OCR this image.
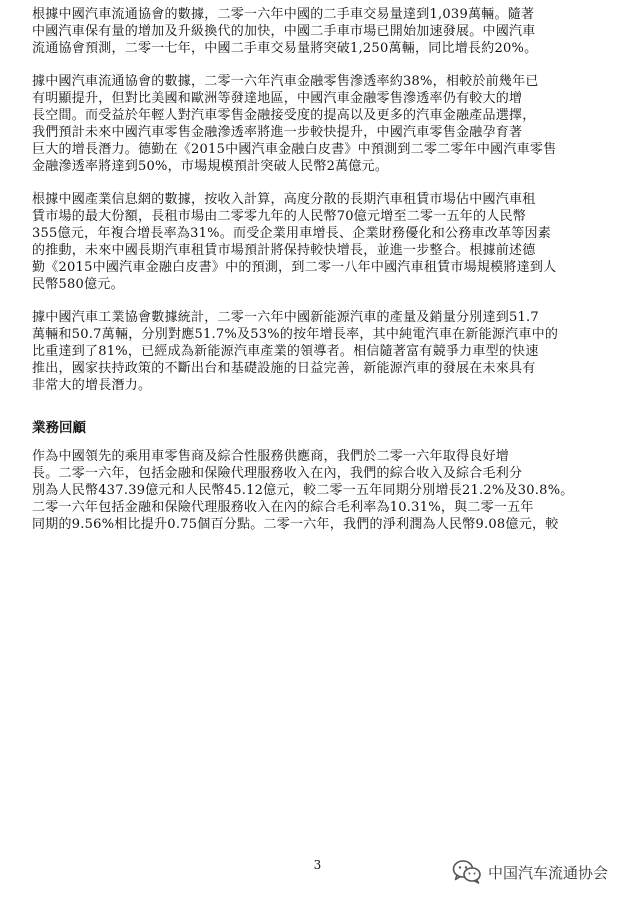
根據中國汽車流通協會的數據，二零一六年中國的二手車交易量達到1,039萬輛。隨著
中國汽車保有量的增加及升級換代的加快，中國二手車市場已開始加速發展。中國汽車
流通協會預測，二零一七年，中國二手車交易量將突破1,250萬輛，同比增長約20%。
據中國汽車流通協會的數據，二零一六年汽車金融零售滲透率約38%，相較於前幾年已
有明顯提升，但對比美國和歐洲等發達地區，中國汽車金融零售滲透率仍有較大的增
長空間。而受益於年輕人對汽車零售金融接受度的提高以及更多的汽車金融產品選擇，
我們預計未來中國汽車零售金融滲透率將進一步較快提升，中國汽車零售金融孕育著
巨大的增長潛力。德勤在《2015中國汽車金融白皮書》中預測到二零二零年中國汽車零售
金融滲透率將達到50%，市場規模預計突破人民幣2萬億元。
根據中國產業信息網的數據，按收入計算，高度分散的長期汽車租賃市場佔中國汽車租
賃市場的最大份額，長租市場由二零零九年的人民幣70億元增至二零一五年的人民幣
355億元，年複合增長率為31%。而受企業用車增長、企業財務優化和公務車改革等因素
的推動，未來中國長期汽車租賃市場預計將保持較快增長，並進一步整合。根據前述德
勤《2015中國汽車金融白皮書》中的預測，到二零一八年中國汽車租賃市場規模將達到人
民幣580億元。
據中國汽車工業協會數據統計，二零一六年中國新能源汽車的產量及銷量分別達到51.7
萬輛和50.7萬輛，分別對應51.7%及53%的按年增長率，其中純電汽車在新能源汽車中的
比重達到了81%，已經成為新能源汽車產業的領導者。相信隨著富有競爭力車型的快速
推出，國家扶持政策的不斷出台和基礎設施的日益完善，新能源汽車的發展在未來具有
非常大的增長潛力。
業務回顧
作為中國領先的乘用車零售商及綜合性服務供應商，我們於二零一六年取得良好增
長。二零一六年，包括金融和保險代理服務收入在內，我們的綜合收入及綜合毛利分
別為人民幣437.39億元和人民幣45.12億元，較二零一五年同期分別增長21.2%及30.8%。
二零一六年包括金融和保險代理服務收入在內的綜合毛利率為10.31%，與二零一五年
同期的9.56%相比提升0.75個百分點。二零一六年，我們的淨利潤為人民幣9.08億元，較
3	中国汽车流通协会
